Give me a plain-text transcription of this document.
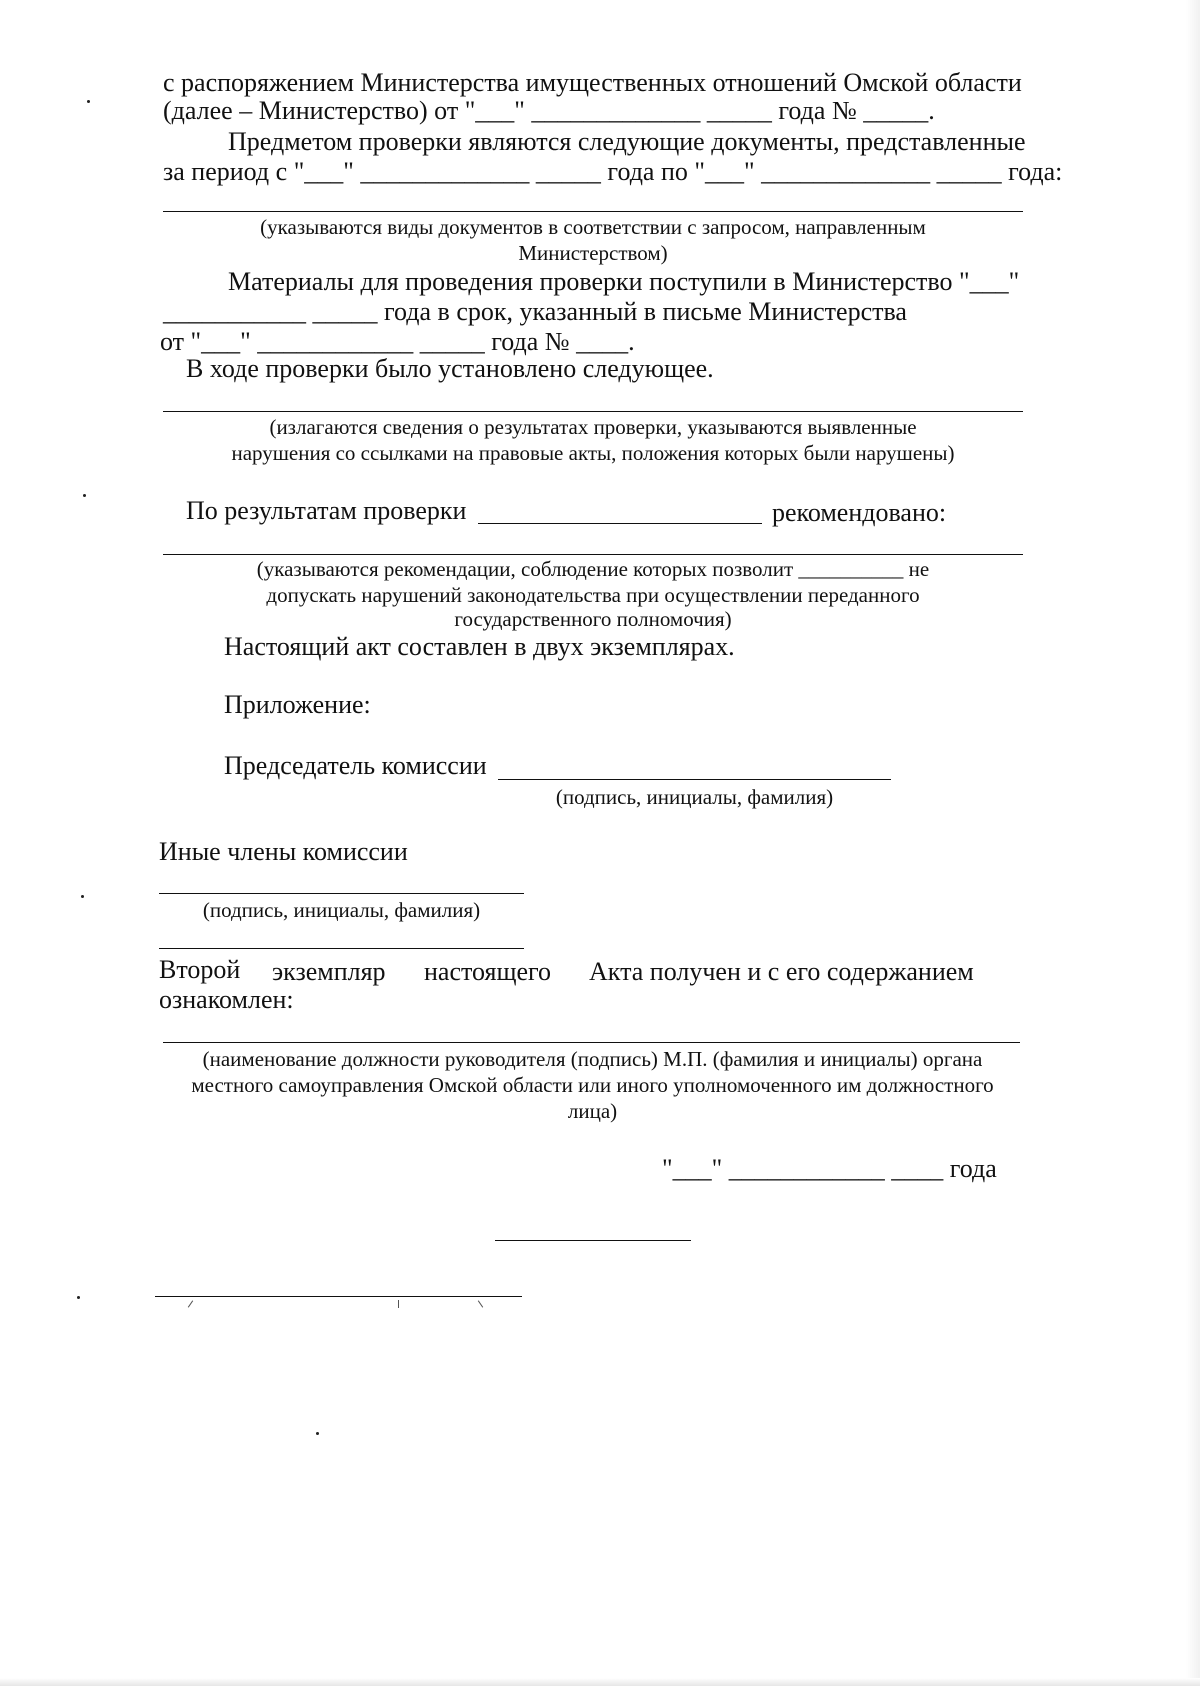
с распоряжением Министерства имущественных отношений Омской области
(далее – Министерство) от "___" _____________ _____ года № _____.
Предметом проверки являются следующие документы, представленные
за период с "___" _____________ _____ года по "___" _____________ _____ года:
(указываются виды документов в соответствии с запросом, направленным
Министерством)
Материалы для проведения проверки поступили в Министерство "___"
___________ _____ года в срок, указанный в письме Министерства
от "___" ____________ _____ года № ____.
В ходе проверки было установлено следующее.
(излагаются сведения о результатах проверки, указываются выявленные
нарушения со ссылками на правовые акты, положения которых были нарушены)
По результатам проверки	рекомендовано:
(указываются рекомендации, соблюдение которых позволит __________ не
допускать нарушений законодательства при осуществлении переданного
государственного полномочия)
Настоящий акт составлен в двух экземплярах.
Приложение:
Председатель комиссии
(подпись, инициалы, фамилия)
Иные члены комиссии
(подпись, инициалы, фамилия)
Второй экземпляр настоящего Акта получен и с его содержанием
ознакомлен:
(наименование должности руководителя (подпись) М.П. (фамилия и инициалы) органа
местного самоуправления Омской области или иного уполномоченного им должностного
лица)
"___" ____________ ____ года
